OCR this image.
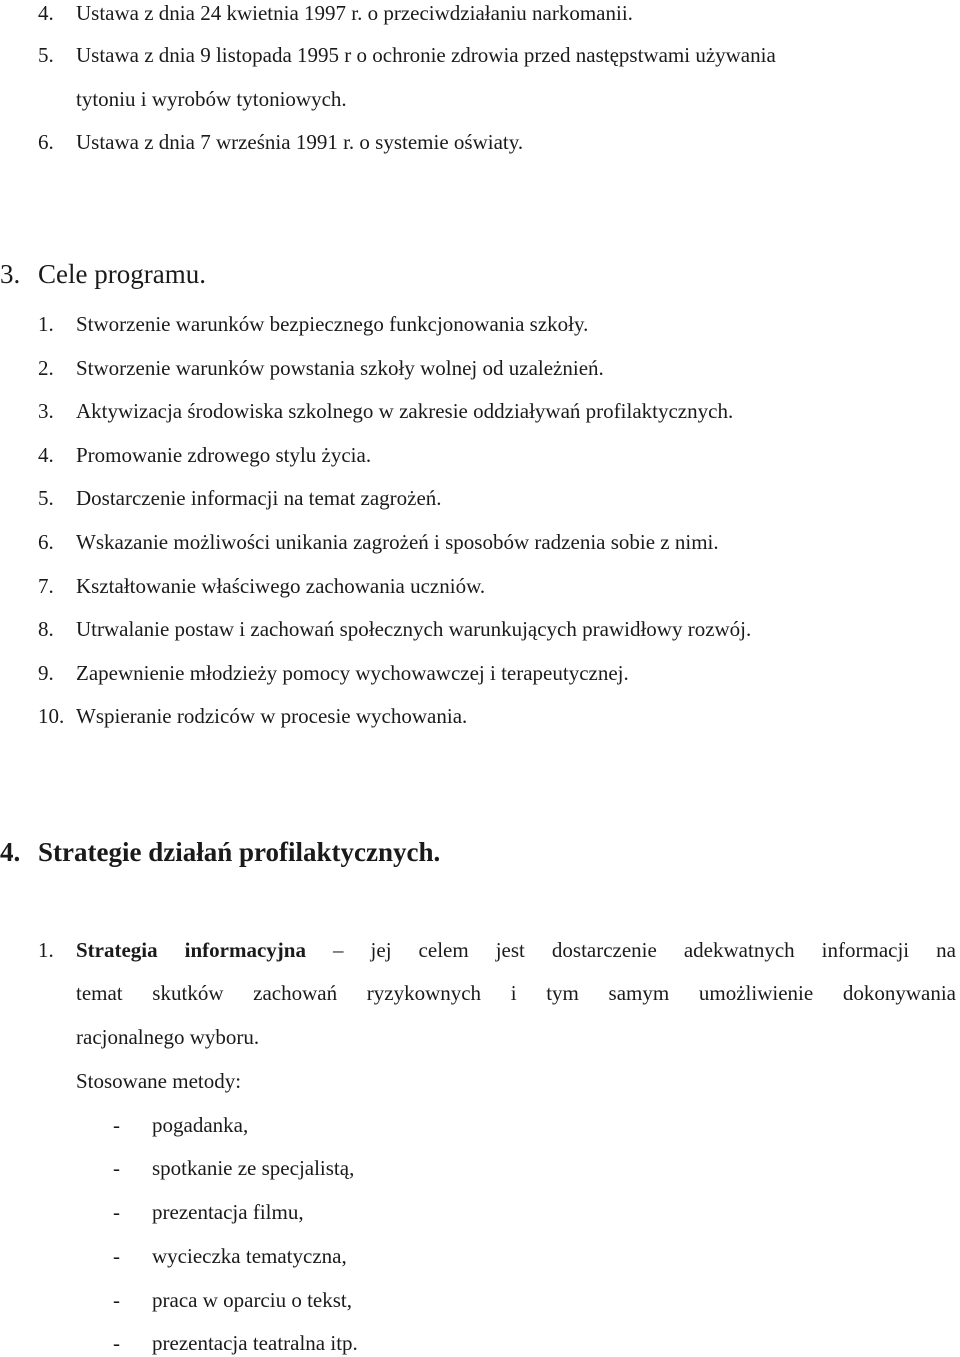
4. Ustawa z dnia 24 kwietnia 1997 r. o przeciwdziałaniu narkomanii.
5. Ustawa z dnia 9 listopada 1995 r o ochronie zdrowia przed następstwami używania
tytoniu i wyrobów tytoniowych.
6. Ustawa z dnia 7 września 1991 r. o systemie oświaty.
3. Cele programu.
1. Stworzenie warunków bezpiecznego funkcjonowania szkoły.
2. Stworzenie warunków powstania szkoły wolnej od uzależnień.
3. Aktywizacja środowiska szkolnego w zakresie oddziaływań profilaktycznych.
4. Promowanie zdrowego stylu życia.
5. Dostarczenie informacji na temat zagrożeń.
6. Wskazanie możliwości unikania zagrożeń i sposobów radzenia sobie z nimi.
7. Kształtowanie właściwego zachowania uczniów.
8. Utrwalanie postaw i zachowań społecznych warunkujących prawidłowy rozwój.
9. Zapewnienie młodzieży pomocy wychowawczej i terapeutycznej.
10. Wspieranie rodziców w procesie wychowania.
4. Strategie działań profilaktycznych.
1. Strategia informacyjna – jej celem jest dostarczenie adekwatnych informacji na
temat skutków zachowań ryzykownych i tym samym umożliwienie dokonywania
racjonalnego wyboru.
Stosowane metody:
- pogadanka,
- spotkanie ze specjalistą,
- prezentacja filmu,
- wycieczka tematyczna,
- praca w oparciu o tekst,
- prezentacja teatralna itp.
